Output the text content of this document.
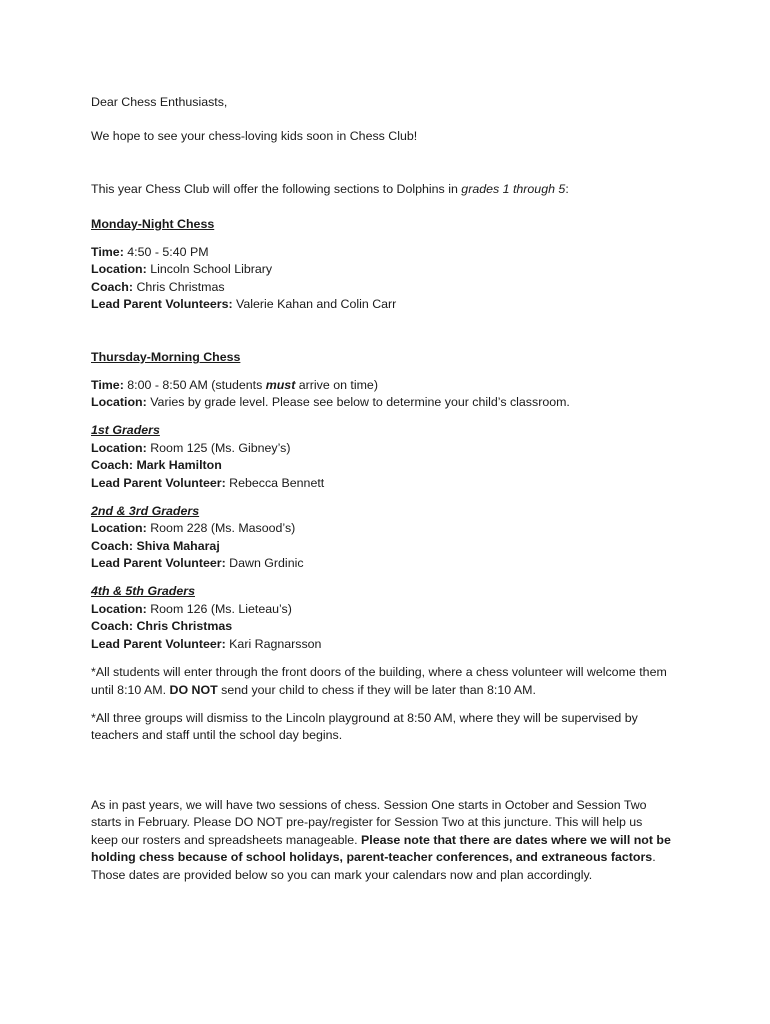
Dear Chess Enthusiasts,
We hope to see your chess-loving kids soon in Chess Club!
This year Chess Club will offer the following sections to Dolphins in grades 1 through 5:
Monday-Night Chess
Time: 4:50 - 5:40 PM
Location: Lincoln School Library
Coach: Chris Christmas
Lead Parent Volunteers: Valerie Kahan and Colin Carr
Thursday-Morning Chess
Time: 8:00 - 8:50 AM (students must arrive on time)
Location: Varies by grade level. Please see below to determine your child’s classroom.
1st Graders
Location: Room 125 (Ms. Gibney’s)
Coach: Mark Hamilton
Lead Parent Volunteer: Rebecca Bennett
2nd & 3rd Graders
Location: Room 228 (Ms. Masood’s)
Coach: Shiva Maharaj
Lead Parent Volunteer: Dawn Grdinic
4th & 5th Graders
Location: Room 126 (Ms. Lieteau’s)
Coach: Chris Christmas
Lead Parent Volunteer: Kari Ragnarsson
*All students will enter through the front doors of the building, where a chess volunteer will welcome them
until 8:10 AM. DO NOT send your child to chess if they will be later than 8:10 AM.
*All three groups will dismiss to the Lincoln playground at 8:50 AM, where they will be supervised by
teachers and staff until the school day begins.
As in past years, we will have two sessions of chess. Session One starts in October and Session Two
starts in February. Please DO NOT pre-pay/register for Session Two at this juncture. This will help us
keep our rosters and spreadsheets manageable. Please note that there are dates where we will not be
holding chess because of school holidays, parent-teacher conferences, and extraneous factors.
Those dates are provided below so you can mark your calendars now and plan accordingly.
